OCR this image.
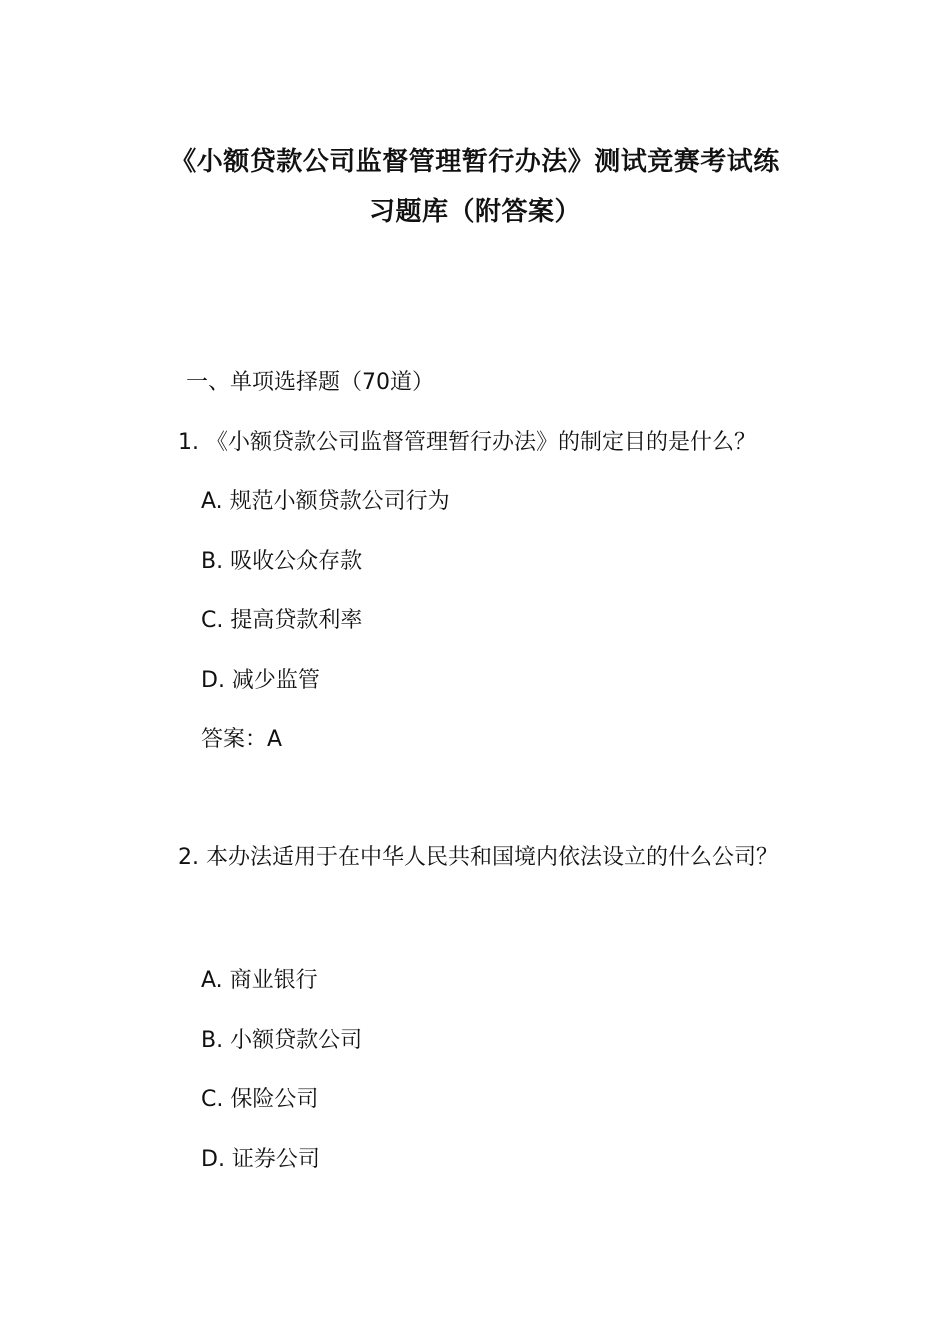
《小额贷款公司监督管理暂行办法》测试竞赛考试练
习题库（附答案）

一、单项选择题（70道）

1. 《小额贷款公司监督管理暂行办法》的制定目的是什么？

A. 规范小额贷款公司行为

B. 吸收公众存款

C. 提高贷款利率

D. 减少监管

答案：A

2. 本办法适用于在中华人民共和国境内依法设立的什么公司？

A. 商业银行

B. 小额贷款公司

C. 保险公司

D. 证券公司
